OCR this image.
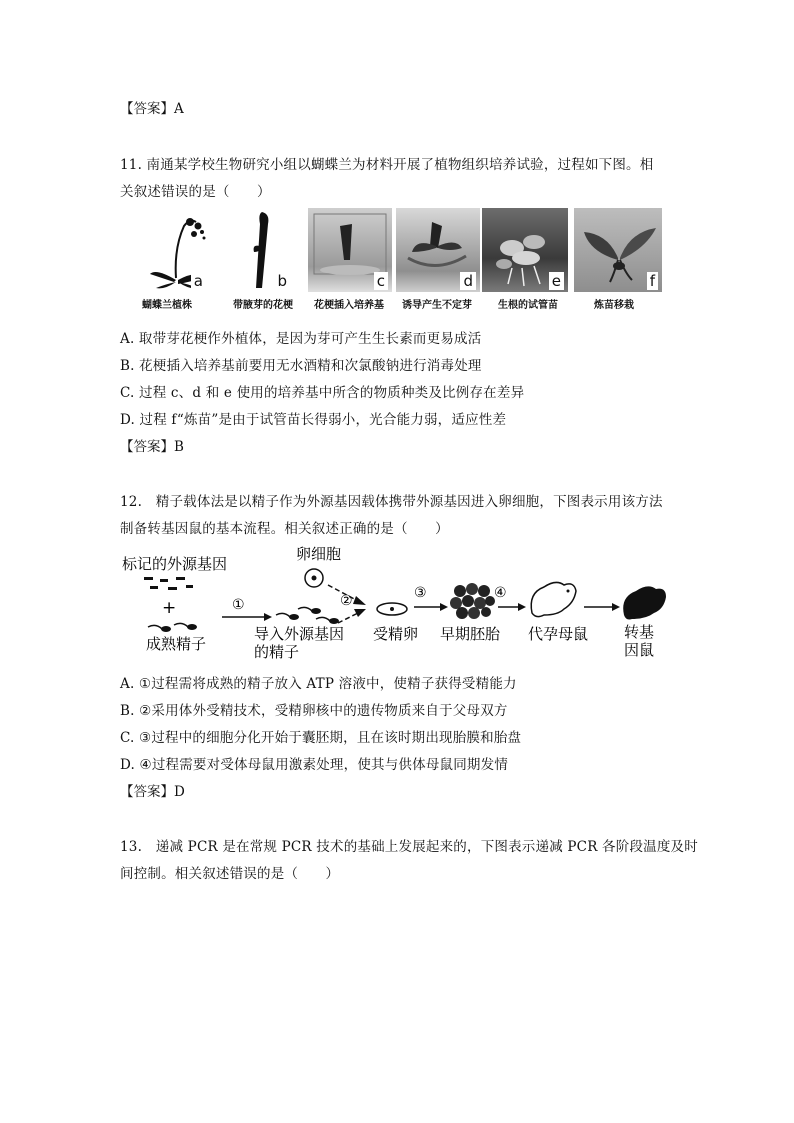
【答案】A
11. 南通某学校生物研究小组以蝴蝶兰为材料开展了植物组织培养试验，过程如下图。相
关叙述错误的是（　　）
a	b	c	d	e	f
蝴蝶兰植株	带腋芽的花梗 花梗插入培养基 诱导产生不定芽	生根的试管苗	炼苗移栽
A. 取带芽花梗作外植体，是因为芽可产生生长素而更易成活
B. 花梗插入培养基前要用无水酒精和次氯酸钠进行消毒处理
C. 过程 c、d 和 e 使用的培养基中所含的物质种类及比例存在差异
D. 过程 f“炼苗”是由于试管苗长得弱小，光合能力弱，适应性差
【答案】B
12.　精子载体法是以精子作为外源基因载体携带外源基因进入卵细胞，下图表示用该方法
制备转基因鼠的基本流程。相关叙述正确的是（　　）
标记的外源基因
+
成熟精子
①
导入外源基因
的精子
卵细胞
②
受精卵
③
早期胚胎
④
代孕母鼠 转基
因鼠
A. ①过程需将成熟的精子放入 ATP 溶液中，使精子获得受精能力
B. ②采用体外受精技术，受精卵核中的遗传物质来自于父母双方
C. ③过程中的细胞分化开始于囊胚期，且在该时期出现胎膜和胎盘
D. ④过程需要对受体母鼠用激素处理，使其与供体母鼠同期发情
【答案】D
13.　递减 PCR 是在常规 PCR 技术的基础上发展起来的，下图表示递减 PCR 各阶段温度及时
间控制。相关叙述错误的是（　　）
